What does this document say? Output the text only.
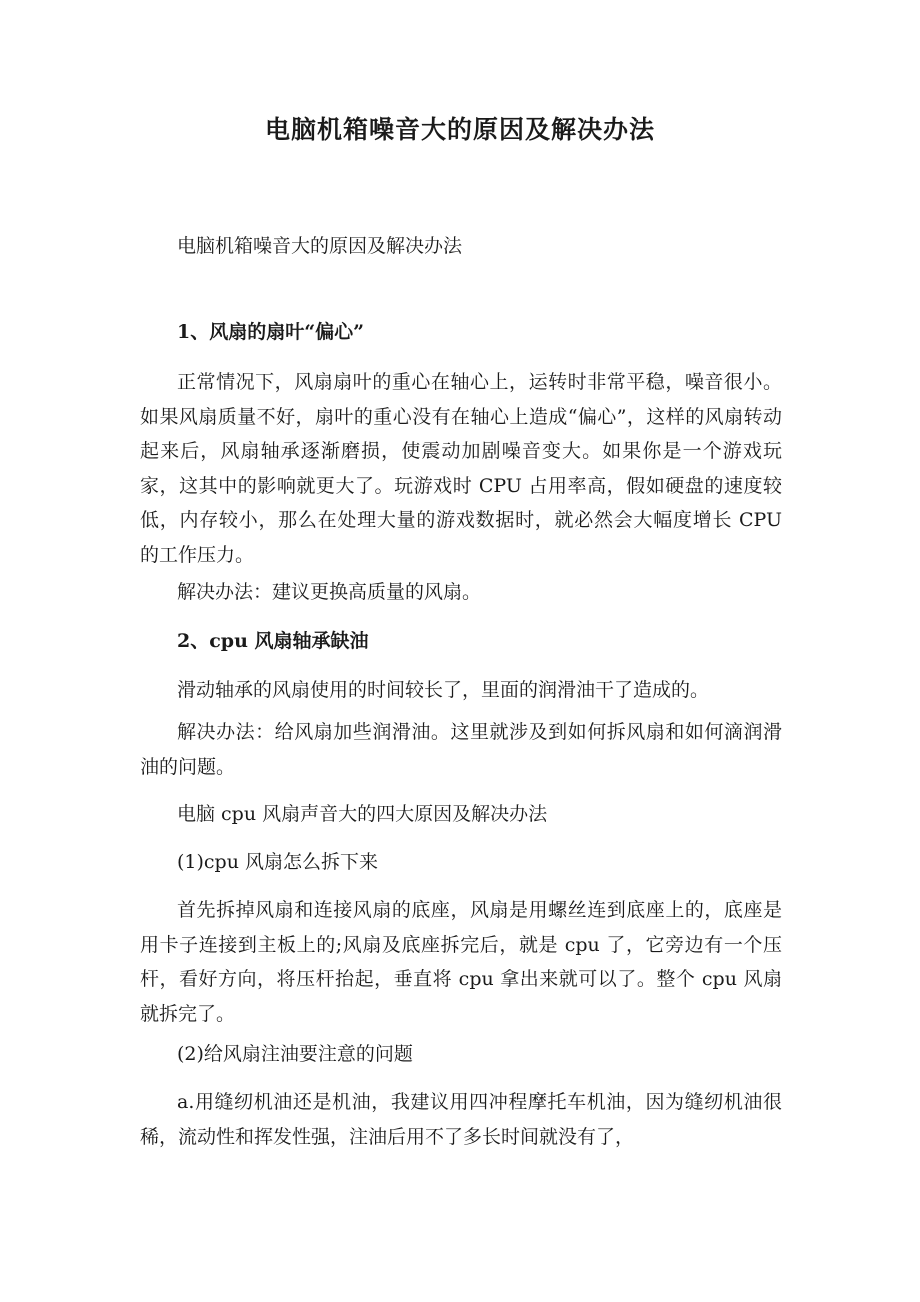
电脑机箱噪音大的原因及解决办法

电脑机箱噪音大的原因及解决办法

1、风扇的扇叶“偏心”

正常情况下，风扇扇叶的重心在轴心上，运转时非常平稳，噪音很小。如果风扇质量不好，扇叶的重心没有在轴心上造成“偏心”，这样的风扇转动起来后，风扇轴承逐渐磨损，使震动加剧噪音变大。如果你是一个游戏玩家，这其中的影响就更大了。玩游戏时 CPU 占用率高，假如硬盘的速度较低，内存较小，那么在处理大量的游戏数据时，就必然会大幅度增长 CPU 的工作压力。

解决办法：建议更换高质量的风扇。

2、cpu 风扇轴承缺油

滑动轴承的风扇使用的时间较长了，里面的润滑油干了造成的。

解决办法：给风扇加些润滑油。这里就涉及到如何拆风扇和如何滴润滑油的问题。

电脑 cpu 风扇声音大的四大原因及解决办法

(1)cpu 风扇怎么拆下来

首先拆掉风扇和连接风扇的底座，风扇是用螺丝连到底座上的，底座是用卡子连接到主板上的;风扇及底座拆完后，就是 cpu 了，它旁边有一个压杆，看好方向，将压杆抬起，垂直将 cpu 拿出来就可以了。整个 cpu 风扇就拆完了。

(2)给风扇注油要注意的问题

a.用缝纫机油还是机油，我建议用四冲程摩托车机油，因为缝纫机油很稀，流动性和挥发性强，注油后用不了多长时间就没有了，
